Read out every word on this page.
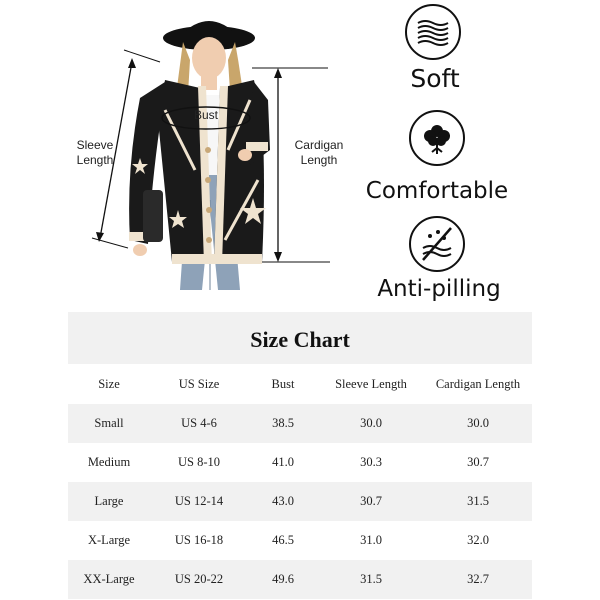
Bust
Sleeve
Length
Cardigan
Length
Soft
Comfortable
Anti-pilling
Size Chart
Size	US Size	Bust	Sleeve Length	Cardigan Length
Small	US 4-6	38.5	30.0	30.0
Medium	US 8-10	41.0	30.3	30.7
Large	US 12-14	43.0	30.7	31.5
X-Large	US 16-18	46.5	31.0	32.0
XX-Large	US 20-22	49.6	31.5	32.7
